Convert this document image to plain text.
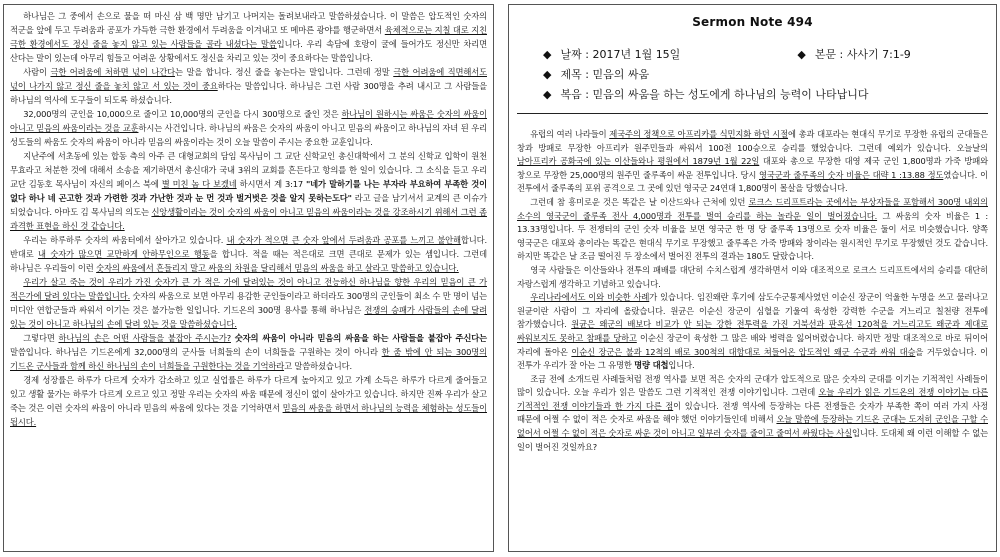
하나님은 그 중에서 손으로 물을 떠 마신 삼 백 명만 남기고 나머지는 돌려보내라고 말씀하셨습니다. 이 말씀은 압도적인 숫자의 적군을 앞에 두고 두려움과 공포가 가득한 극한 환경에서 두려움을 이겨내고 또 메마른 광야를 행군하면서 육체적으로는 지칠 대로 지친 극한 환경에서도 정신 줄을 놓지 않고 있는 사람들을 골라 내셨다는 말씀입니다. 우리 속담에 호랑이 굴에 들어가도 정신만 차리면 산다는 말이 있는데 아무리 힘들고 어려운 상황에서도 정신을 차리고 있는 것이 중요하다는 말씀입니다.

사람이 극한 어려움에 처하면 넋이 나간다는 말을 합니다. 정신 줄을 놓는다는 말입니다. 그런데 정말 극한 어려움에 직면해서도 넋이 나가지 않고 정신 줄을 놓치 않고 서 있는 것이 중요하다는 말씀입니다. 하나님은 그런 사람 300명을 추려 내시고 그 사람들을 하나님의 역사에 도구들이 되도록 하셨습니다.

32,000명의 군인을 10,000으로 줄이고 10,000명의 군인을 다시 300명으로 줄인 것은 하나님이 원하시는 싸움은 숫자의 싸움이 아니고 믿음의 싸움이라는 것을 교훈하시는 사건입니다. 하나님의 싸움은 숫자의 싸움이 아니고 믿음의 싸움이고 하나님의 자녀 된 우리 성도들의 싸움도 숫자의 싸움이 아니라 믿음의 싸움이라는 것이 오늘 말씀이 주시는 중요한 교훈입니다.

지난주에 서초동에 있는 합동 측의 아주 큰 대형교회의 담임 목사님이 그 교단 신학교인 총신대학에서 그 분의 신학교 입학이 원천 무효라고 처분한 것에 대해서 소송을 제기하면서 총신대가 국내 3위의 교회를 흔든다고 항의를 한 일이 있습니다. 그 소식을 듣고 우리 교단 김동호 목사님이 자신의 페이스 북에 별 미친 놈 다 보겠네 하시면서 계 3:17 "네가 말하기를 나는 부자라 부요하여 부족한 것이 없다 하나 네 곤고한 것과 가련한 것과 가난한 것과 눈 먼 것과 벌거벗은 것을 알지 못하는도다" 라고 글을 남기셔서 교계의 큰 이슈가 되었습니다. 아마도 김 목사님의 의도는 신앙생활이라는 것이 숫자의 싸움이 아니고 믿음의 싸움이라는 것을 강조하시기 위해서 그런 좀 과격한 표현을 하신 것 같습니다.

우리는 하루하루 숫자의 싸움터에서 살아가고 있습니다. 내 숫자가 적으면 큰 숫자 앞에서 두려움과 공포를 느끼고 불안해합니다. 반대로 내 숫자가 많으면 교만하게 안하무인으로 행동을 합니다. 적을 때는 적은대로 크면 큰대로 문제가 있는 셈입니다. 그런데 하나님은 우리들이 이런 숫자의 싸움에서 흔들리지 말고 싸움의 차원을 달리해서 믿음의 싸움을 하고 살라고 말씀하고 있습니다.

우리가 살고 죽는 것이 우리가 가진 숫자가 큰 가 적은 가에 달려있는 것이 아니고 전능하신 하나님을 향한 우리의 믿음이 큰 가 적은가에 달려 있다는 말씀입니다. 숫자의 싸움으로 보면 아무리 용감한 군인들이라고 하더라도 300명의 군인들이 최소 수 만 명이 넘는 미디안 연합군들과 싸워서 이기는 것은 불가능한 일입니다. 기드온의 300명 용사를 통해 하나님은 전쟁의 승패가 사람들의 손에 달려 있는 것이 아니고 하나님의 손에 달려 있는 것을 말씀하셨습니다.

그렇다면 하나님의 손은 어떤 사람들을 붙잡아 주시는가? 숫자의 싸움이 아니라 믿음의 싸움을 하는 사람들을 붙잡아 주신다는 말씀입니다. 하나님은 기드온에게 32,000명의 군사들 너희들의 손이 너희들을 구원하는 것이 아니라 한 줌 밖에 안 되는 300명의 기드온 군사들과 함께 하신 하나님의 손이 너희들을 구원한다는 것을 기억하라고 말씀하셨습니다.

경제 성장률은 하루가 다르게 숫자가 감소하고 있고 실업률은 하루가 다르게 높아지고 있고 가계 소득은 하루가 다르게 줄어들고 있고 생활 물가는 하루가 다르게 오르고 있고 정말 우리는 숫자의 싸움 때문에 정신이 없이 살아가고 있습니다. 하지만 진짜 우리가 살고 죽는 것은 이런 숫자의 싸움이 아니라 믿음의 싸움에 있다는 것을 기억하면서 믿음의 싸움을 하면서 하나님의 능력을 체험하는 성도들이 됩시다.

Sermon Note 494
◆ 날짜 : 2017년 1월 15일	◆ 본문 : 사사기 7:1-9
◆ 제목 : 믿음의 싸움
◆ 복음 : 믿음의 싸움을 하는 성도에게 하나님의 능력이 나타납니다

유럽의 여러 나라들이 제국주의 정책으로 아프리카를 식민지화 하던 시절에 총과 대포라는 현대식 무기로 무장한 유럽의 군대들은 창과 방패로 무장한 아프리카 원주민들과 싸워서 100전 100승으로 승리를 했었습니다. 그런데 예외가 있습니다. 오늘날의 남아프리카 공화국에 있는 이산들와나 평원에서 1879년 1월 22일 대포와 총으로 무장한 대영 제국 군인 1,800명과 가죽 방패와 창으로 무장한 25,000명의 원주민 줄루족이 싸운 전투입니다. 당시 영국군과 줄루족의 숫자 비율은 대략 1 :13.88 정도였습니다. 이 전투에서 줄루족의 포위 공격으로 그 곳에 있던 영국군 24연대 1,800명이 몰살을 당했습니다.

그런데 참 흥미로운 것은 똑같은 날 이산드와나 근처에 있던 로크스 드리프트라는 곳에서는 부상자들을 포함해서 300명 내외의 소수의 영국군이 줄루족 전사 4,000명과 전투를 벌여 승리를 하는 놀라운 일이 벌어졌습니다. 그 싸움의 숫자 비율은 1 : 13.33명입니다. 두 전쟁터의 군인 숫자 비율을 보면 영국군 한 명 당 줄루족 13명으로 숫자 비율은 둘이 서로 비슷했습니다. 양쪽 영국군은 대포와 총이라는 똑같은 현대식 무기로 무장했고 줄루족은 가죽 방패와 창이라는 원시적인 무기로 무장했던 것도 같습니다. 하지만 똑같은 날 조금 떨어진 두 장소에서 벌어진 전투의 결과는 180도 달랐습니다.

영국 사람들은 이산들와나 전투의 패배를 대단히 수치스럽게 생각하면서 이와 대조적으로 로크스 드리프트에서의 승리를 대단히 자랑스럽게 생각하고 기념하고 있습니다.

우리나라에서도 이와 비슷한 사례가 있습니다. 임진왜란 후기에 삼도수군통제사였던 이순신 장군이 억울한 누명을 쓰고 물러나고 원균이란 사람이 그 자리에 올랐습니다. 원균은 이순신 장군이 심혈을 기울여 육성한 강력한 수군을 거느리고 칠천량 전투에 참가했습니다. 원균은 왜군의 배보다 비교가 안 되는 강한 전투력을 가진 거북선과 판옥선 120척을 거느리고도 왜군과 제대로 싸워보지도 못하고 참패를 당하고 이순신 장군이 육성한 그 많은 배와 병력을 잃어버렸습니다. 하지만 정말 대조적으로 바로 뒤이어 자리에 돌아온 이순신 장군은 불과 12척의 배로 300척의 대함대로 쳐들어온 압도적인 왜군 수군과 싸워 대승을 거두었습니다. 이 전투가 우리가 잘 아는 그 유명한 명량 대첩입니다.

조금 전에 소개드린 사례들처럼 전쟁 역사를 보면 적은 숫자의 군대가 압도적으로 많은 숫자의 군대를 이기는 기적적인 사례들이 많이 있습니다. 오늘 우리가 읽은 말씀도 그런 기적적인 전쟁 이야기입니다. 그런데 오늘 우리가 읽은 기드온의 전쟁 이야기는 다른 기적적인 전쟁 이야기들과 한 가지 다른 점이 있습니다. 전쟁 역사에 등장하는 다른 전쟁들은 숫자가 부족한 쪽이 여러 가지 사정 때문에 어쩔 수 없이 적은 숫자로 싸움을 해야 했던 이야기들인데 비해서 오늘 말씀에 등장하는 기드온 군대는 도저히 군인을 구할 수 없어서 어쩔 수 없이 적은 숫자로 싸운 것이 아니고 일부러 숫자를 줄이고 줄여서 싸웠다는 사실입니다. 도대체 왜 이런 이해할 수 없는 일이 벌어진 것일까요?
